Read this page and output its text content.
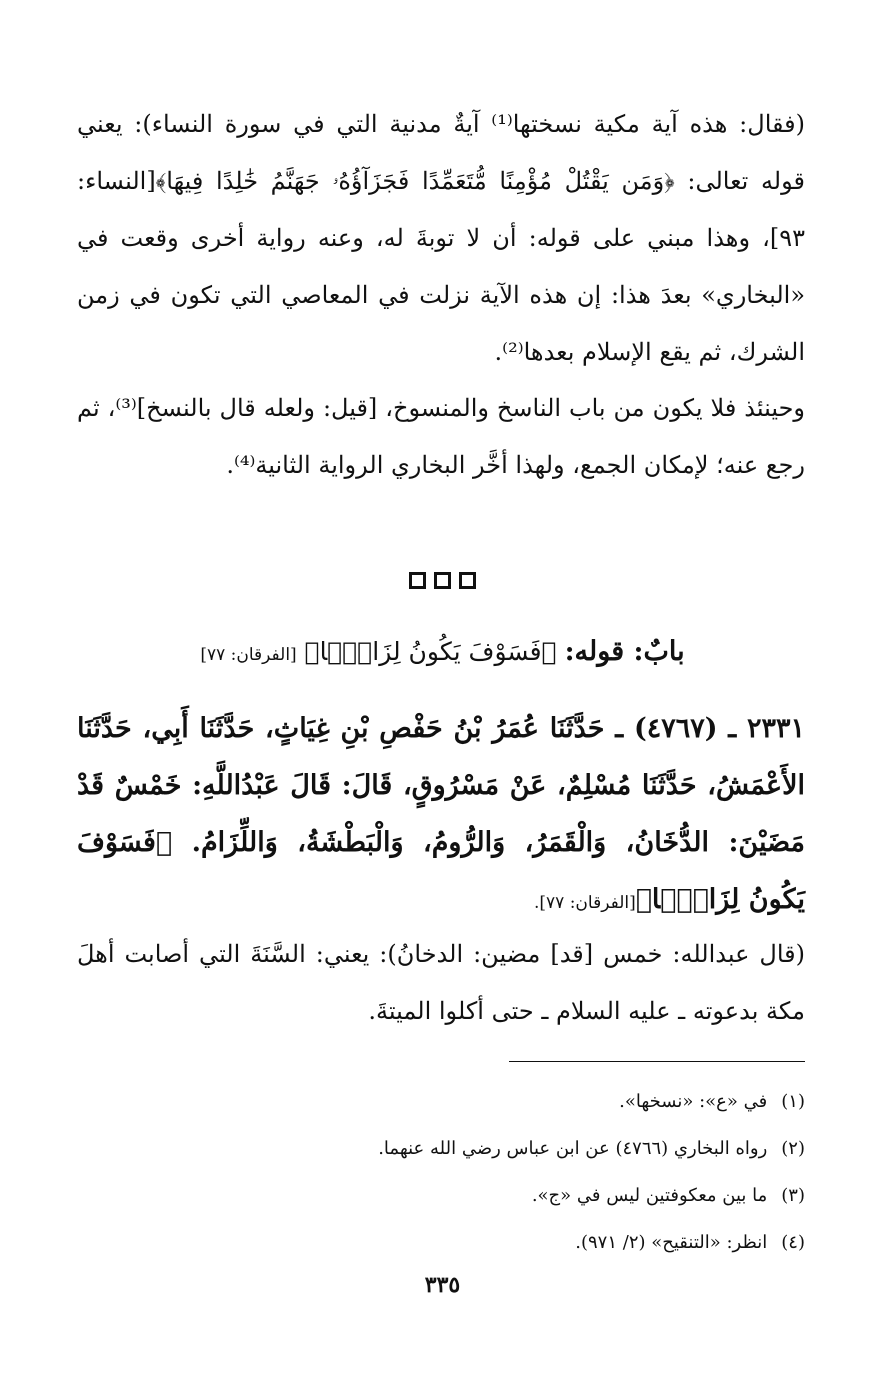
(فقال: هذه آية مكية نسختها⁽¹⁾ آيةٌ مدنية التي في سورة النساء): يعني قوله تعالى: ﴿وَمَن يَقْتُلْ مُؤْمِنًا مُّتَعَمِّدًا فَجَزَآؤُهُۥ جَهَنَّمُ خَٰلِدًا فِيهَا﴾[النساء: ٩٣]، وهذا مبني على قوله: أن لا توبةَ له، وعنه رواية أخرى وقعت في «البخاري» بعدَ هذا: إن هذه الآية نزلت في المعاصي التي تكون في زمن الشرك، ثم يقع الإسلام بعدها⁽²⁾.

وحينئذ فلا يكون من باب الناسخ والمنسوخ، [قيل: ولعله قال بالنسخ]⁽³⁾، ثم رجع عنه؛ لإمكان الجمع، ولهذا أخَّر البخاري الرواية الثانية⁽⁴⁾.

بابٌ: قوله: ﴿فَسَوْفَ يَكُونُ لِزَامًۢا﴾ [الفرقان: ٧٧]

٢٣٣١ ـ (٤٧٦٧) ـ حَدَّثَنَا عُمَرُ بْنُ حَفْصِ بْنِ غِيَاثٍ، حَدَّثَنَا أَبِي، حَدَّثَنَا الأَعْمَشُ، حَدَّثَنَا مُسْلِمٌ، عَنْ مَسْرُوقٍ، قَالَ: قَالَ عَبْدُاللَّهِ: خَمْسٌ قَدْ مَضَيْنَ: الدُّخَانُ، وَالْقَمَرُ، وَالرُّومُ، وَالْبَطْشَةُ، وَاللِّزَامُ. ﴿فَسَوْفَ يَكُونُ لِزَامًۢا﴾[الفرقان: ٧٧].

(قال عبدالله: خمس [قد] مضين: الدخانُ): يعني: السَّنَةَ التي أصابت أهلَ مكة بدعوته ـ عليه السلام ـ حتى أكلوا الميتةَ.

(١)في «ع»: «نسخها».
(٢)رواه البخاري (٤٧٦٦) عن ابن عباس رضي الله عنهما.
(٣)ما بين معكوفتين ليس في «ج».
(٤)انظر: «التنقيح» (٢/ ٩٧١).
٣٣٥
